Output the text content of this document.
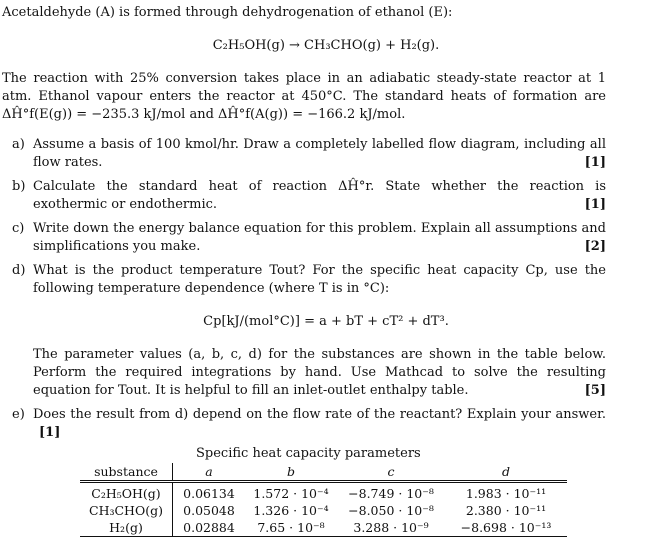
Acetaldehyde (A) is formed through dehydrogenation of ethanol (E):
C₂H₅OH(g) → CH₃CHO(g) + H₂(g).
The reaction with 25% conversion takes place in an adiabatic steady-state reactor at 1 atm. Ethanol vapour enters the reactor at 450°C. The standard heats of formation are ΔĤ°f(E(g)) = −235.3 kJ/mol and ΔĤ°f(A(g)) = −166.2 kJ/mol.
a) Assume a basis of 100 kmol/hr. Draw a completely labelled flow diagram, including all flow rates.	[1]
b) Calculate the standard heat of reaction ΔĤ°r. State whether the reaction is exothermic or endothermic.	[1]
c) Write down the energy balance equation for this problem. Explain all assumptions and simplifications you make.	[2]
d) What is the product temperature Tout? For the specific heat capacity Cp, use the following temperature dependence (where T is in °C):
Cp[kJ/(mol°C)] = a + bT + cT² + dT³.
The parameter values (a, b, c, d) for the substances are shown in the table below. Perform the required integrations by hand. Use Mathcad to solve the resulting equation for Tout. It is helpful to fill an inlet-outlet enthalpy table.	[5]
e) Does the result from d) depend on the flow rate of the reactant? Explain your answer. [1]
Specific heat capacity parameters
substance	a	b	c	d
C₂H₅OH(g)	0.06134	1.572 · 10⁻⁴	−8.749 · 10⁻⁸	1.983 · 10⁻¹¹
CH₃CHO(g)	0.05048	1.326 · 10⁻⁴	−8.050 · 10⁻⁸	2.380 · 10⁻¹¹
H₂(g)	0.02884	7.65 · 10⁻⁸	3.288 · 10⁻⁹	−8.698 · 10⁻¹³
